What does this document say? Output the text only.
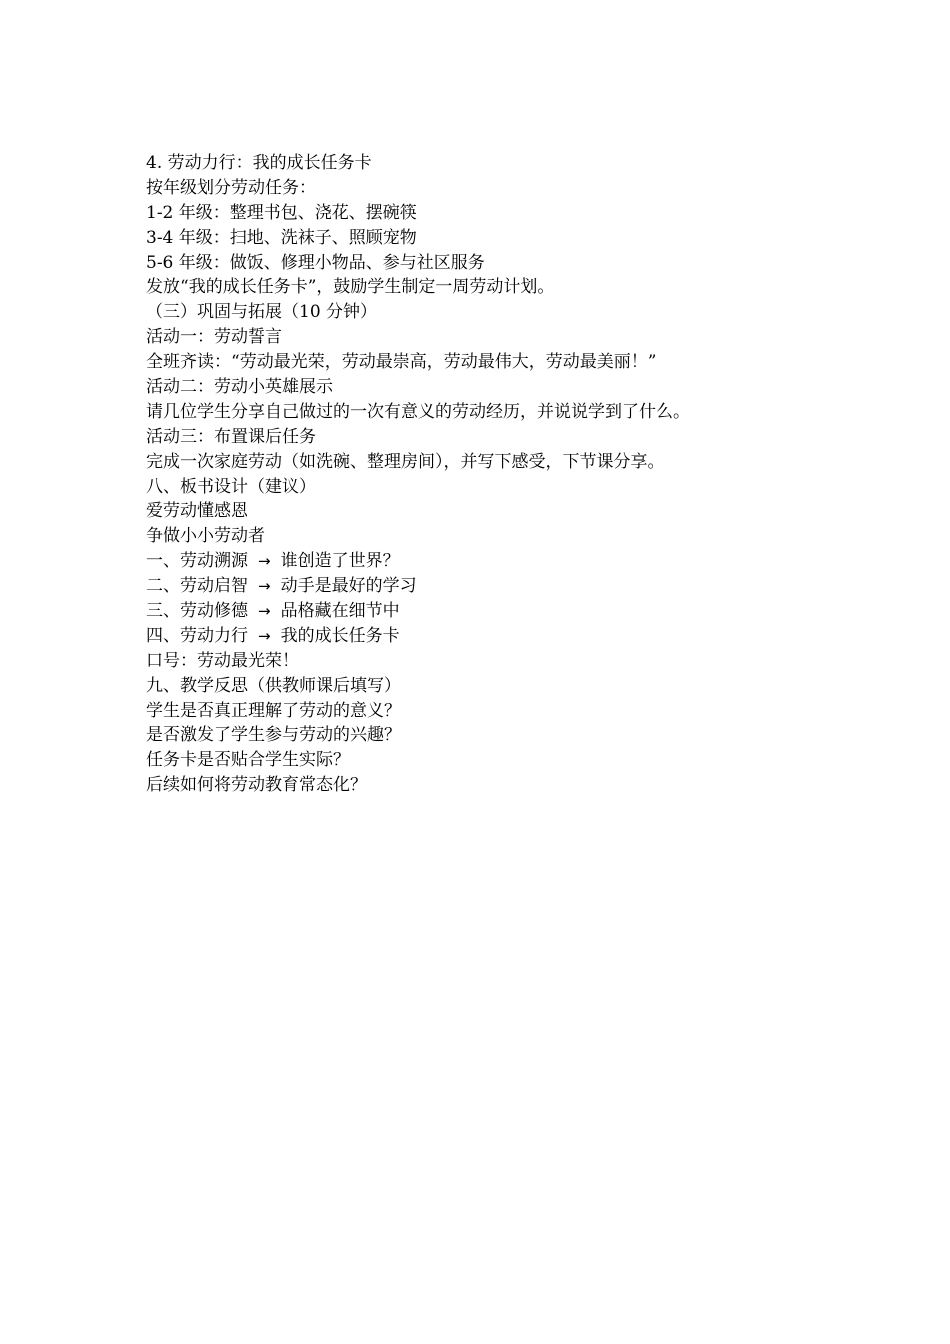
4. 劳动力行：我的成长任务卡
按年级划分劳动任务：
1-2 年级：整理书包、浇花、摆碗筷
3-4 年级：扫地、洗袜子、照顾宠物
5-6 年级：做饭、修理小物品、参与社区服务
发放“我的成长任务卡”，鼓励学生制定一周劳动计划。
（三）巩固与拓展（10 分钟）
活动一：劳动誓言
全班齐读：“劳动最光荣，劳动最崇高，劳动最伟大，劳动最美丽！”
活动二：劳动小英雄展示
请几位学生分享自己做过的一次有意义的劳动经历，并说说学到了什么。
活动三：布置课后任务
完成一次家庭劳动（如洗碗、整理房间），并写下感受，下节课分享。
八、板书设计（建议）
爱劳动懂感恩
争做小小劳动者
一、劳动溯源 → 谁创造了世界？
二、劳动启智 → 动手是最好的学习
三、劳动修德 → 品格藏在细节中
四、劳动力行 → 我的成长任务卡
口号：劳动最光荣！
九、教学反思（供教师课后填写）
学生是否真正理解了劳动的意义？
是否激发了学生参与劳动的兴趣？
任务卡是否贴合学生实际？
后续如何将劳动教育常态化？
